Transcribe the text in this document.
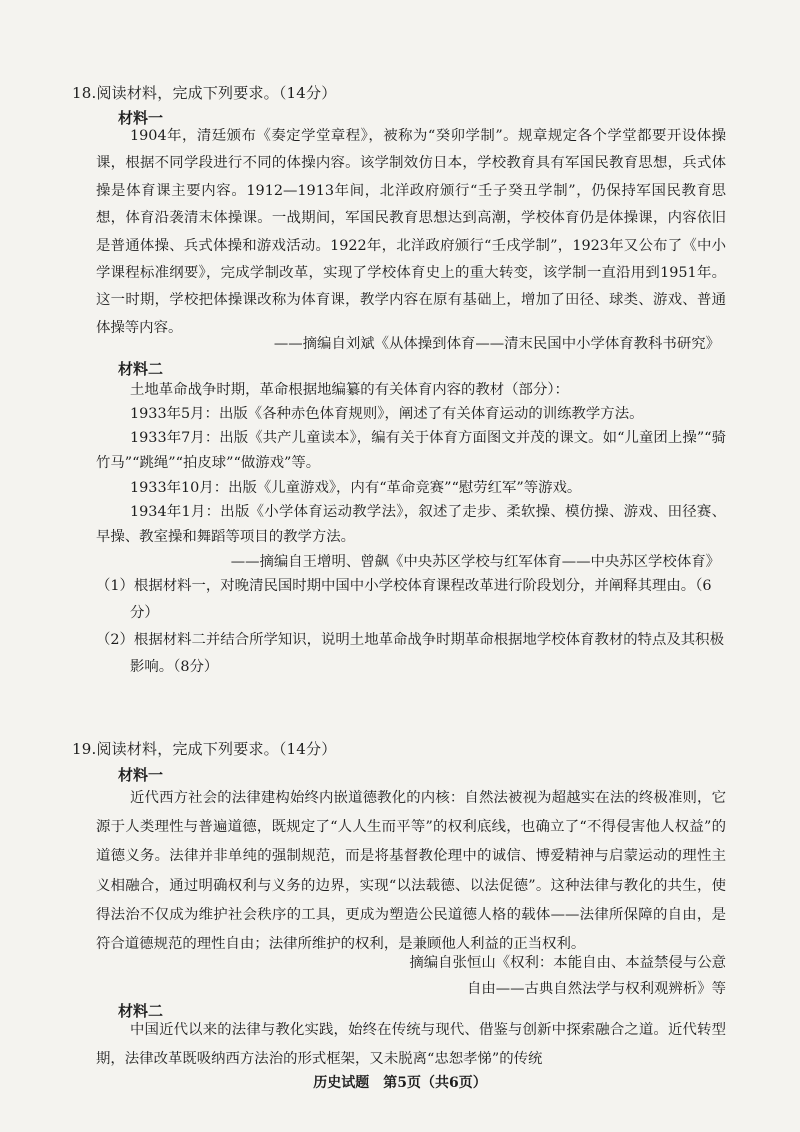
18.阅读材料，完成下列要求。（14分）
材料一
1904年，清廷颁布《奏定学堂章程》，被称为“癸卯学制”。规章规定各个学堂都要开设体操课，根据不同学段进行不同的体操内容。该学制效仿日本，学校教育具有军国民教育思想，兵式体操是体育课主要内容。1912—1913年间，北洋政府颁行“壬子癸丑学制”，仍保持军国民教育思想，体育沿袭清末体操课。一战期间，军国民教育思想达到高潮，学校体育仍是体操课，内容依旧是普通体操、兵式体操和游戏活动。1922年，北洋政府颁行“壬戌学制”，1923年又公布了《中小学课程标准纲要》，完成学制改革，实现了学校体育史上的重大转变，该学制一直沿用到1951年。这一时期，学校把体操课改称为体育课，教学内容在原有基础上，增加了田径、球类、游戏、普通体操等内容。
——摘编自刘斌《从体操到体育——清末民国中小学体育教科书研究》
材料二
土地革命战争时期，革命根据地编纂的有关体育内容的教材（部分）：
1933年5月：出版《各种赤色体育规则》，阐述了有关体育运动的训练教学方法。
1933年7月：出版《共产儿童读本》，编有关于体育方面图文并茂的课文。如“儿童团上操”“骑竹马”“跳绳”“拍皮球”“做游戏”等。
1933年10月：出版《儿童游戏》，内有“革命竞赛”“慰劳红军”等游戏。
1934年1月：出版《小学体育运动教学法》，叙述了走步、柔软操、模仿操、游戏、田径赛、早操、教室操和舞蹈等项目的教学方法。
——摘编自王增明、曾飙《中央苏区学校与红军体育——中央苏区学校体育》
（1）根据材料一，对晚清民国时期中国中小学校体育课程改革进行阶段划分，并阐释其理由。（6分）
（2）根据材料二并结合所学知识，说明土地革命战争时期革命根据地学校体育教材的特点及其积极影响。（8分）
19.阅读材料，完成下列要求。（14分）
材料一
近代西方社会的法律建构始终内嵌道德教化的内核：自然法被视为超越实在法的终极准则，它源于人类理性与普遍道德，既规定了“人人生而平等”的权利底线，也确立了“不得侵害他人权益”的道德义务。法律并非单纯的强制规范，而是将基督教伦理中的诚信、博爱精神与启蒙运动的理性主义相融合，通过明确权利与义务的边界，实现“以法载德、以法促德”。这种法律与教化的共生，使得法治不仅成为维护社会秩序的工具，更成为塑造公民道德人格的载体——法律所保障的自由，是符合道德规范的理性自由；法律所维护的权利，是兼顾他人利益的正当权利。
摘编自张恒山《权利：本能自由、本益禁侵与公意
自由——古典自然法学与权利观辨析》等
材料二
中国近代以来的法律与教化实践，始终在传统与现代、借鉴与创新中探索融合之道。近代转型期，法律改革既吸纳西方法治的形式框架，又未脱离“忠恕孝悌”的传统
历史试题　第5页（共6页）
